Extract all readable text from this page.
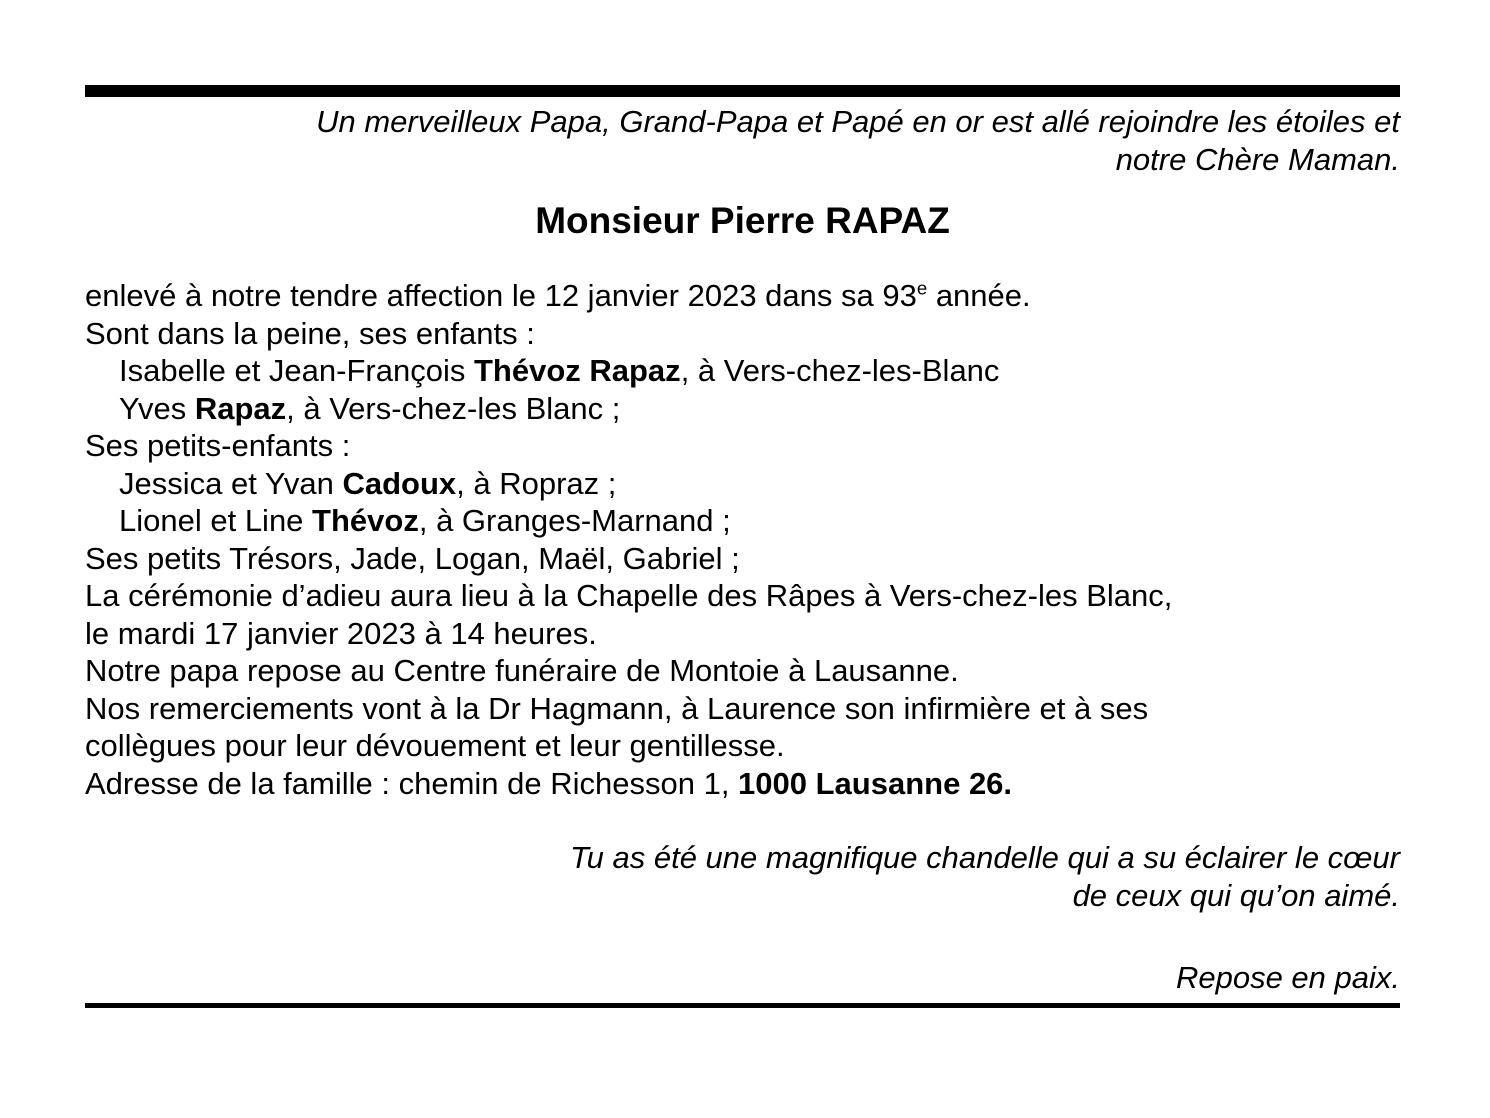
Un merveilleux Papa, Grand-Papa et Papé en or est allé rejoindre les étoiles et
notre Chère Maman.
Monsieur Pierre RAPAZ
enlevé à notre tendre affection le 12 janvier 2023 dans sa 93e année.
Sont dans la peine, ses enfants :
Isabelle et Jean-François Thévoz Rapaz, à Vers-chez-les-Blanc
Yves Rapaz, à Vers-chez-les Blanc ;
Ses petits-enfants :
Jessica et Yvan Cadoux, à Ropraz ;
Lionel et Line Thévoz, à Granges-Marnand ;
Ses petits Trésors, Jade, Logan, Maël, Gabriel ;
La cérémonie d’adieu aura lieu à la Chapelle des Râpes à Vers-chez-les Blanc,
le mardi 17 janvier 2023 à 14 heures.
Notre papa repose au Centre funéraire de Montoie à Lausanne.
Nos remerciements vont à la Dr Hagmann, à Laurence son infirmière et à ses
collègues pour leur dévouement et leur gentillesse.
Adresse de la famille : chemin de Richesson 1, 1000 Lausanne 26.
Tu as été une magnifique chandelle qui a su éclairer le cœur
de ceux qui qu’on aimé.
Repose en paix.
